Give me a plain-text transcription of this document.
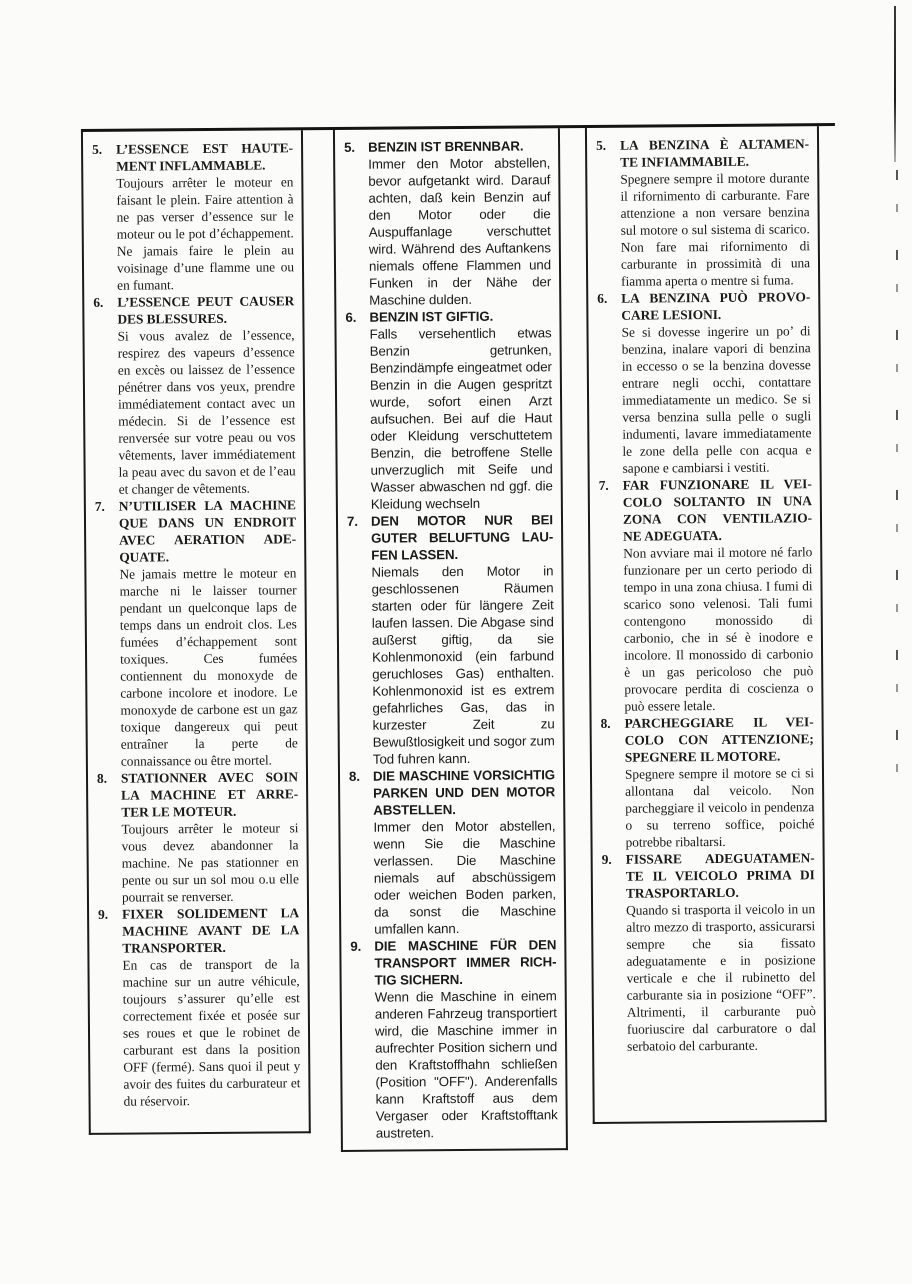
5.	L’ESSENCE EST HAUTE-
MENT INFLAMMABLE.
Toujours arrêter le moteur en faisant le plein. Faire attention à ne pas verser d’essence sur le moteur ou le pot d’échappement. Ne jamais faire le plein au voisinage d’une flamme une ou en fumant.
6.	L’ESSENCE PEUT CAUSER
DES BLESSURES.
Si vous avalez de l’essence, respirez des vapeurs d’essence en excès ou laissez de l’essence pénétrer dans vos yeux, prendre immédiatement contact avec un médecin. Si de l’essence est renversée sur votre peau ou vos vêtements, laver immédiatement la peau avec du savon et de l’eau et changer de vêtements.
7.	N’UTILISER LA MACHINE
QUE DANS UN ENDROIT
AVEC AERATION ADE-
QUATE.
Ne jamais mettre le moteur en marche ni le laisser tourner pendant un quelconque laps de temps dans un endroit clos. Les fumées d’échappement sont toxiques. Ces fumées contiennent du monoxyde de carbone incolore et inodore. Le monoxyde de carbone est un gaz toxique dangereux qui peut entraîner la perte de connaissance ou être mortel.
8.	STATIONNER AVEC SOIN
LA MACHINE ET ARRE-
TER LE MOTEUR.
Toujours arrêter le moteur si vous devez abandonner la machine. Ne pas stationner en pente ou sur un sol mou o.u elle pourrait se renverser.
9.	FIXER SOLIDEMENT LA
MACHINE AVANT DE LA
TRANSPORTER.
En cas de transport de la machine sur un autre véhicule, toujours s’assurer qu’elle est correctement fixée et posée sur ses roues et que le robinet de carburant est dans la position OFF (fermé). Sans quoi il peut y avoir des fuites du carburateur et du réservoir.
5. BENZIN IST BRENNBAR.
Immer den Motor abstellen, bevor aufgetankt wird. Darauf achten, daß kein Benzin auf den Motor oder die Auspuffanlage verschuttet wird. Während des Auftankens niemals offene Flammen und Funken in der Nähe der Maschine dulden.
6. BENZIN IST GIFTIG.
Falls versehentlich etwas Benzin getrunken, Benzindämpfe eingeatmet oder Benzin in die Augen gespritzt wurde, sofort einen Arzt aufsuchen. Bei auf die Haut oder Kleidung verschuttetem Benzin, die betroffene Stelle unverzuglich mit Seife und Wasser abwaschen nd ggf. die Kleidung wechseln
7. DEN MOTOR NUR BEI
GUTER BELUFTUNG LAU-
FEN LASSEN.
Niemals den Motor in geschlossenen Räumen starten oder für längere Zeit laufen lassen. Die Abgase sind außerst giftig, da sie Kohlenmonoxid (ein farbund geruchloses Gas) enthalten. Kohlenmonoxid ist es extrem gefahrliches Gas, das in kurzester Zeit zu Bewußtlosigkeit und sogor zum Tod fuhren kann.
8. DIE MASCHINE VORSICHTIG
PARKEN UND DEN MOTOR
ABSTELLEN.
Immer den Motor abstellen, wenn Sie die Maschine verlassen. Die Maschine niemals auf abschüssigem oder weichen Boden parken, da sonst die Maschine umfallen kann.
9. DIE MASCHINE FÜR DEN
TRANSPORT IMMER RICH-
TIG SICHERN.
Wenn die Maschine in einem anderen Fahrzeug transportiert wird, die Maschine immer in aufrechter Position sichern und den Kraftstoffhahn schließen (Position "OFF"). Anderenfalls kann Kraftstoff aus dem Vergaser oder Kraftstofftank austreten.
5.	LA BENZINA È ALTAMEN-
TE INFIAMMABILE.
Spegnere sempre il motore durante il rifornimento di carburante. Fare attenzione a non versare benzina sul motore o sul sistema di scarico. Non fare mai rifornimento di carburante in prossimità di una fiamma aperta o mentre si fuma.
6.	LA BENZINA PUÒ PROVO-
CARE LESIONI.
Se si dovesse ingerire un po’ di benzina, inalare vapori di benzina in eccesso o se la benzina dovesse entrare negli occhi, contattare immediatamente un medico. Se si versa benzina sulla pelle o sugli indumenti, lavare immediatamente le zone della pelle con acqua e sapone e cambiarsi i vestiti.
7.	FAR FUNZIONARE IL VEI-
COLO SOLTANTO IN UNA
ZONA CON VENTILAZIO-
NE ADEGUATA.
Non avviare mai il motore né farlo funzionare per un certo periodo di tempo in una zona chiusa. I fumi di scarico sono velenosi. Tali fumi contengono monossido di carbonio, che in sé è inodore e incolore. Il monossido di carbonio è un gas pericoloso che può provocare perdita di coscienza o può essere letale.
8.	PARCHEGGIARE IL VEI-
COLO CON ATTENZIONE;
SPEGNERE IL MOTORE.
Spegnere sempre il motore se ci si allontana dal veicolo. Non parcheggiare il veicolo in pendenza o su terreno soffice, poiché potrebbe ribaltarsi.
9.	FISSARE ADEGUATAMEN-
TE IL VEICOLO PRIMA DI
TRASPORTARLO.
Quando si trasporta il veicolo in un altro mezzo di trasporto, assicurarsi sempre che sia fissato adeguatamente e in posizione verticale e che il rubinetto del carburante sia in posizione “OFF”. Altrimenti, il carburante può fuoriuscire dal carburatore o dal serbatoio del carburante.
